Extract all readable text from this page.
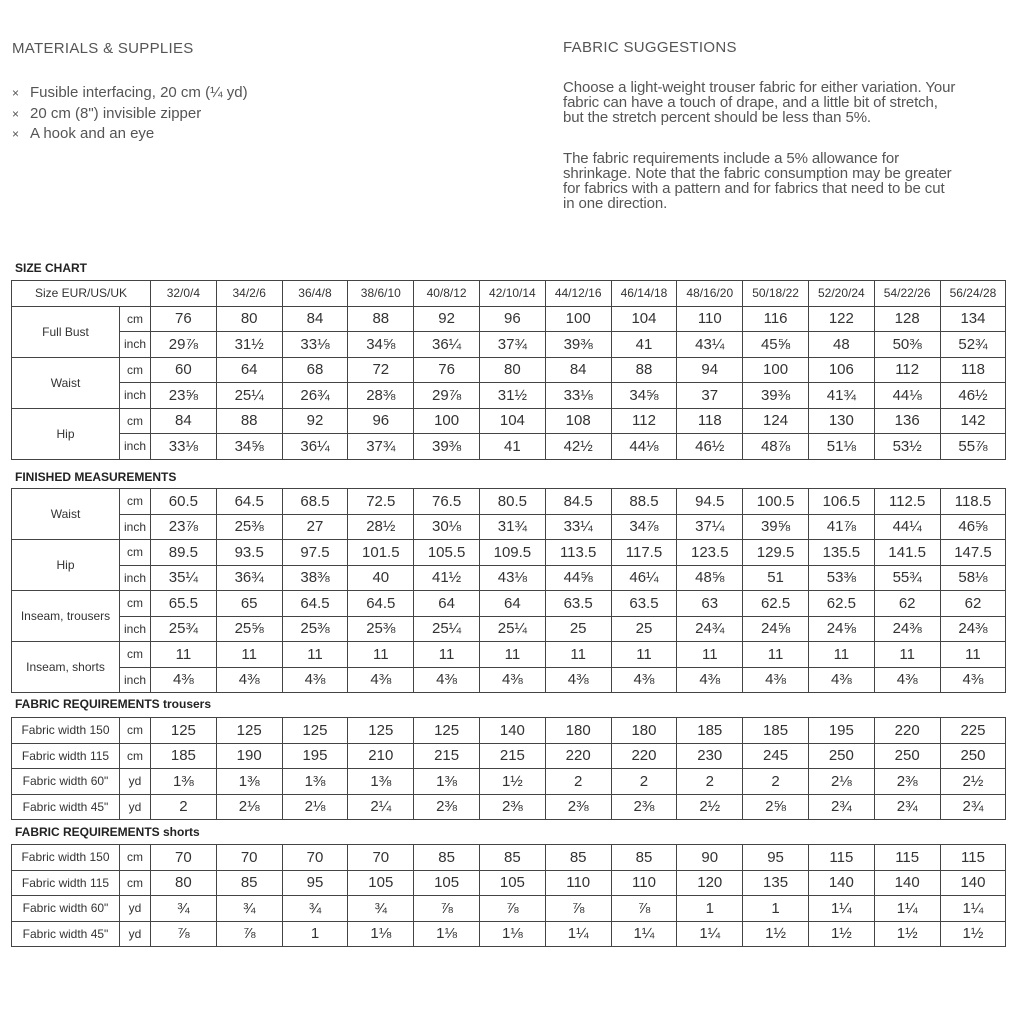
MATERIALS & SUPPLIES
× Fusible interfacing, 20 cm (¼ yd)
× 20 cm (8") invisible zipper
× A hook and an eye
FABRIC SUGGESTIONS
Choose a light-weight trouser fabric for either variation. Your
fabric can have a touch of drape, and a little bit of stretch,
but the stretch percent should be less than 5%.
The fabric requirements include a 5% allowance for
shrinkage. Note that the fabric consumption may be greater
for fabrics with a pattern and for fabrics that need to be cut
in one direction.
SIZE CHART
Size EUR/US/UK		32/0/4	34/2/6	36/4/8	38/6/10	40/8/12	42/10/14	44/12/16	46/14/18	48/16/20	50/18/22	52/20/24	54/22/26	56/24/28
Full Bust	cm	76	80	84	88	92	96	100	104	110	116	122	128	134
	inch	29⅞	31½	33⅛	34⅝	36¼	37¾	39⅜	41	43¼	45⅝	48	50⅜	52¾
Waist	cm	60	64	68	72	76	80	84	88	94	100	106	112	118
	inch	23⅝	25¼	26¾	28⅜	29⅞	31½	33⅛	34⅝	37	39⅜	41¾	44⅛	46½
Hip	cm	84	88	92	96	100	104	108	112	118	124	130	136	142
	inch	33⅛	34⅝	36¼	37¾	39⅜	41	42½	44⅛	46½	48⅞	51⅛	53½	55⅞
FINISHED MEASUREMENTS
Waist	cm	60.5	64.5	68.5	72.5	76.5	80.5	84.5	88.5	94.5	100.5	106.5	112.5	118.5
	inch	23⅞	25⅜	27	28½	30⅛	31¾	33¼	34⅞	37¼	39⅝	41⅞	44¼	46⅝
Hip	cm	89.5	93.5	97.5	101.5	105.5	109.5	113.5	117.5	123.5	129.5	135.5	141.5	147.5
	inch	35¼	36¾	38⅜	40	41½	43⅛	44⅝	46¼	48⅝	51	53⅜	55¾	58⅛
Inseam, trousers	cm	65.5	65	64.5	64.5	64	64	63.5	63.5	63	62.5	62.5	62	62
	inch	25¾	25⅝	25⅜	25⅜	25¼	25¼	25	25	24¾	24⅝	24⅝	24⅜	24⅜
Inseam, shorts	cm	11	11	11	11	11	11	11	11	11	11	11	11	11
	inch	4⅜	4⅜	4⅜	4⅜	4⅜	4⅜	4⅜	4⅜	4⅜	4⅜	4⅜	4⅜	4⅜
FABRIC REQUIREMENTS trousers
Fabric width 150	cm	125	125	125	125	125	140	180	180	185	185	195	220	225
Fabric width 115	cm	185	190	195	210	215	215	220	220	230	245	250	250	250
Fabric width 60"	yd	1⅜	1⅜	1⅜	1⅜	1⅜	1½	2	2	2	2	2⅛	2⅜	2½
Fabric width 45"	yd	2	2⅛	2⅛	2¼	2⅜	2⅜	2⅜	2⅜	2½	2⅝	2¾	2¾	2¾
FABRIC REQUIREMENTS shorts
Fabric width 150	cm	70	70	70	70	85	85	85	85	90	95	115	115	115
Fabric width 115	cm	80	85	95	105	105	105	110	110	120	135	140	140	140
Fabric width 60"	yd	¾	¾	¾	¾	⅞	⅞	⅞	⅞	1	1	1¼	1¼	1¼
Fabric width 45"	yd	⅞	⅞	1	1⅛	1⅛	1⅛	1¼	1¼	1¼	1½	1½	1½	1½
